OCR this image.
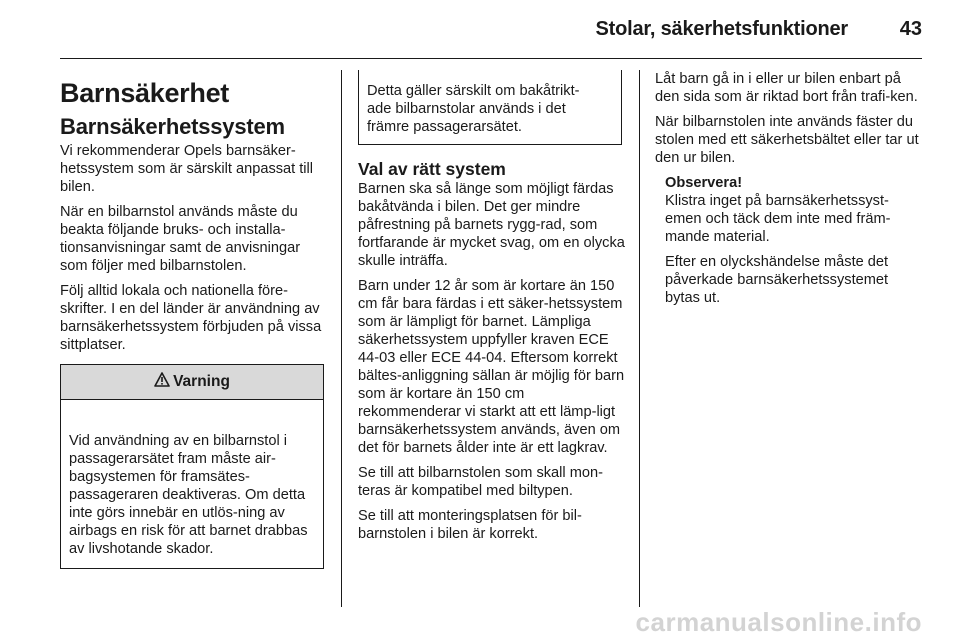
Stolar, säkerhetsfunktioner	43
Barnsäkerhet
Barnsäkerhetssystem

Vi rekommenderar Opels barnsäker-hetssystem som är särskilt anpassat till bilen.

När en bilbarnstol används måste du beakta följande bruks- och installa-tionsanvisningar samt de anvisningar som följer med bilbarnstolen.

Följ alltid lokala och nationella före-skrifter. I en del länder är användning av barnsäkerhetssystem förbjuden på vissa sittplatser.

Varning
Vid användning av en bilbarnstol i passagerarsätet fram måste air-bagsystemen för framsätes-passageraren deaktiveras. Om detta inte görs innebär en utlös-ning av airbags en risk för att barnet drabbas av livshotande skador.
Detta gäller särskilt om bakåtrikt-ade bilbarnstolar används i det främre passagerarsätet.
Val av rätt system

Barnen ska så länge som möjligt färdas bakåtvända i bilen. Det ger mindre påfrestning på barnets rygg-rad, som fortfarande är mycket svag, om en olycka skulle inträffa.

Barn under 12 år som är kortare än 150 cm får bara färdas i ett säker-hetssystem som är lämpligt för barnet. Lämpliga säkerhetssystem uppfyller kraven ECE 44-03 eller ECE 44-04. Eftersom korrekt bältes-anliggning sällan är möjlig för barn som är kortare än 150 cm rekommenderar vi starkt att ett lämp-ligt barnsäkerhetssystem används, även om det för barnets ålder inte är ett lagkrav.

Se till att bilbarnstolen som skall mon-teras är kompatibel med biltypen.

Se till att monteringsplatsen för bil-barnstolen i bilen är korrekt.

Låt barn gå in i eller ur bilen enbart på den sida som är riktad bort från trafi-ken.

När bilbarnstolen inte används fäster du stolen med ett säkerhetsbältet eller tar ut den ur bilen.

Observera!

Klistra inget på barnsäkerhetssyst-emen och täck dem inte med främ-mande material.

Efter en olyckshändelse måste det påverkade barnsäkerhetssystemet bytas ut.

carmanualsonline.info
